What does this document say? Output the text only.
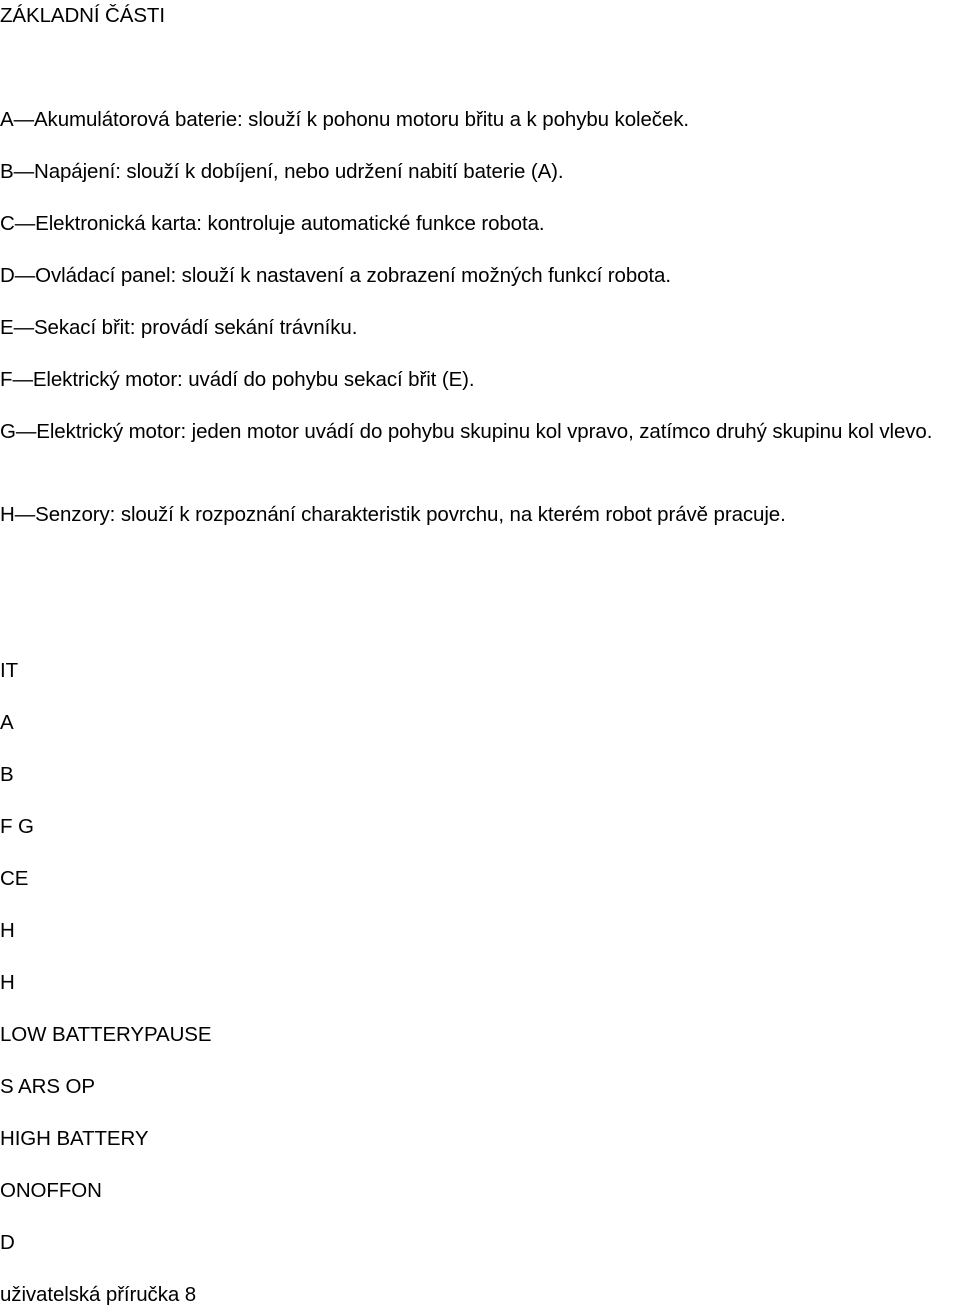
ZÁKLADNÍ ČÁSTI
A—Akumulátorová baterie: slouží k pohonu motoru břitu a k pohybu koleček.
B—Napájení: slouží k dobíjení, nebo udržení nabití baterie (A).
C—Elektronická karta: kontroluje automatické funkce robota.
D—Ovládací panel: slouží k nastavení a zobrazení možných funkcí robota.
E—Sekací břit: provádí sekání trávníku.
F—Elektrický motor: uvádí do pohybu sekací břit (E).
G—Elektrický motor: jeden motor uvádí do pohybu skupinu kol vpravo, zatímco druhý skupinu kol vlevo.
H—Senzory: slouží k rozpoznání charakteristik povrchu, na kterém robot právě pracuje.
IT
A
B
F G
CE
H
H
LOW BATTERYPAUSE
S ARS OP
HIGH BATTERY
ONOFFON
D
uživatelská příručka 8
